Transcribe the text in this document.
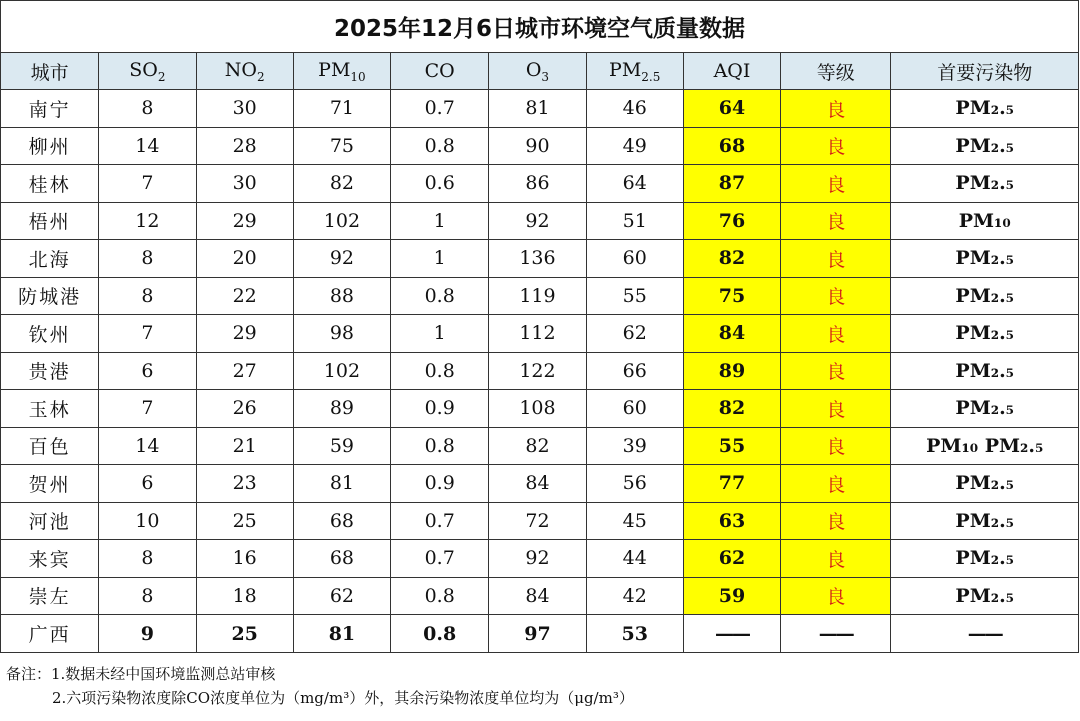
2025年12月6日城市环境空气质量数据									
城市	$SO_2$	$NO_2$	$PM_{10}$	CO	$O_3$	$PM_{2.5}$	AQI	等级	首要污染物
南宁	8	30	71	0.7	81	46	64	良	PM₂.₅
柳州	14	28	75	0.8	90	49	68	良	PM₂.₅
桂林	7	30	82	0.6	86	64	87	良	PM₂.₅
梧州	12	29	102	1	92	51	76	良	PM₁₀
北海	8	20	92	1	136	60	82	良	PM₂.₅
防城港	8	22	88	0.8	119	55	75	良	PM₂.₅
钦州	7	29	98	1	112	62	84	良	PM₂.₅
贵港	6	27	102	0.8	122	66	89	良	PM₂.₅
玉林	7	26	89	0.9	108	60	82	良	PM₂.₅
百色	14	21	59	0.8	82	39	55	良	PM₁₀ PM₂.₅
贺州	6	23	81	0.9	84	56	77	良	PM₂.₅
河池	10	25	68	0.7	72	45	63	良	PM₂.₅
来宾	8	16	68	0.7	92	44	62	良	PM₂.₅
崇左	8	18	62	0.8	84	42	59	良	PM₂.₅
广西	9	25	81	0.8	97	53	——	——	——
备注：1.数据未经中国环境监测总站审核
2.六项污染物浓度除CO浓度单位为（mg/m³）外，其余污染物浓度单位均为（μg/m³）
